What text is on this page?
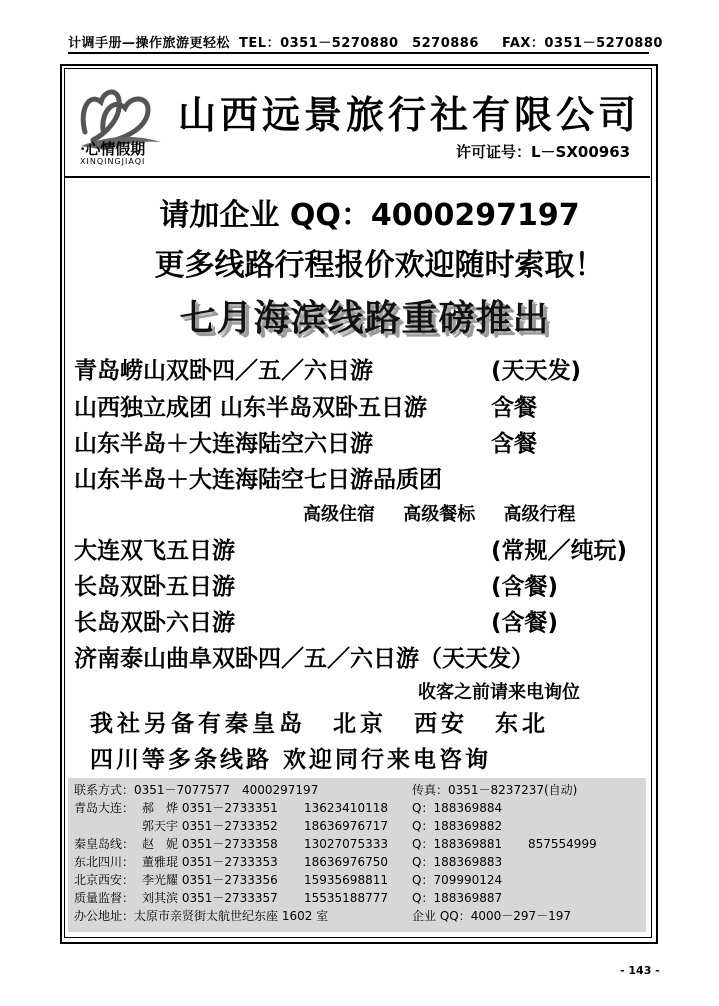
计调手册—操作旅游更轻松 TEL：0351－5270880　5270886 FAX：0351－5270880
·心情假期
XINQINGJIAQI
山西远景旅行社有限公司
许可证号：L－SX00963
请加企业 QQ：4000297197
更多线路行程报价欢迎随时索取！
七月海滨线路重磅推出
青岛崂山双卧四／五／六日游	(天天发)
山西独立成团 山东半岛双卧五日游	含餐
山东半岛＋大连海陆空六日游	含餐
山东半岛＋大连海陆空七日游品质团
高级住宿 高级餐标 高级行程
大连双飞五日游	(常规／纯玩)
长岛双卧五日游	(含餐)
长岛双卧六日游	(含餐)
济南泰山曲阜双卧四／五／六日游（天天发）
收客之前请来电询位
我社另备有秦皇岛　北京　西安　东北
四川等多条线路 欢迎同行来电咨询
联系方式：0351－7077577　4000297197	传真：0351－8237237(自动)
青岛大连： 郝　烨 0351－2733351 13623410118 Q：188369884
郭天宇 0351－2733352 18636976717 Q：188369882
秦皇岛线： 赵　妮 0351－2733358 13027075333 Q：188369881 857554999
东北四川： 董雅琨 0351－2733353 18636976750 Q：188369883
北京西安： 李光耀 0351－2733356 15935698811 Q：709990124
质量监督： 刘其滨 0351－2733357 15535188777 Q：188369887
办公地址：太原市亲贤街太航世纪东座 1602 室	企业 QQ：4000－297－197
- 143 -
